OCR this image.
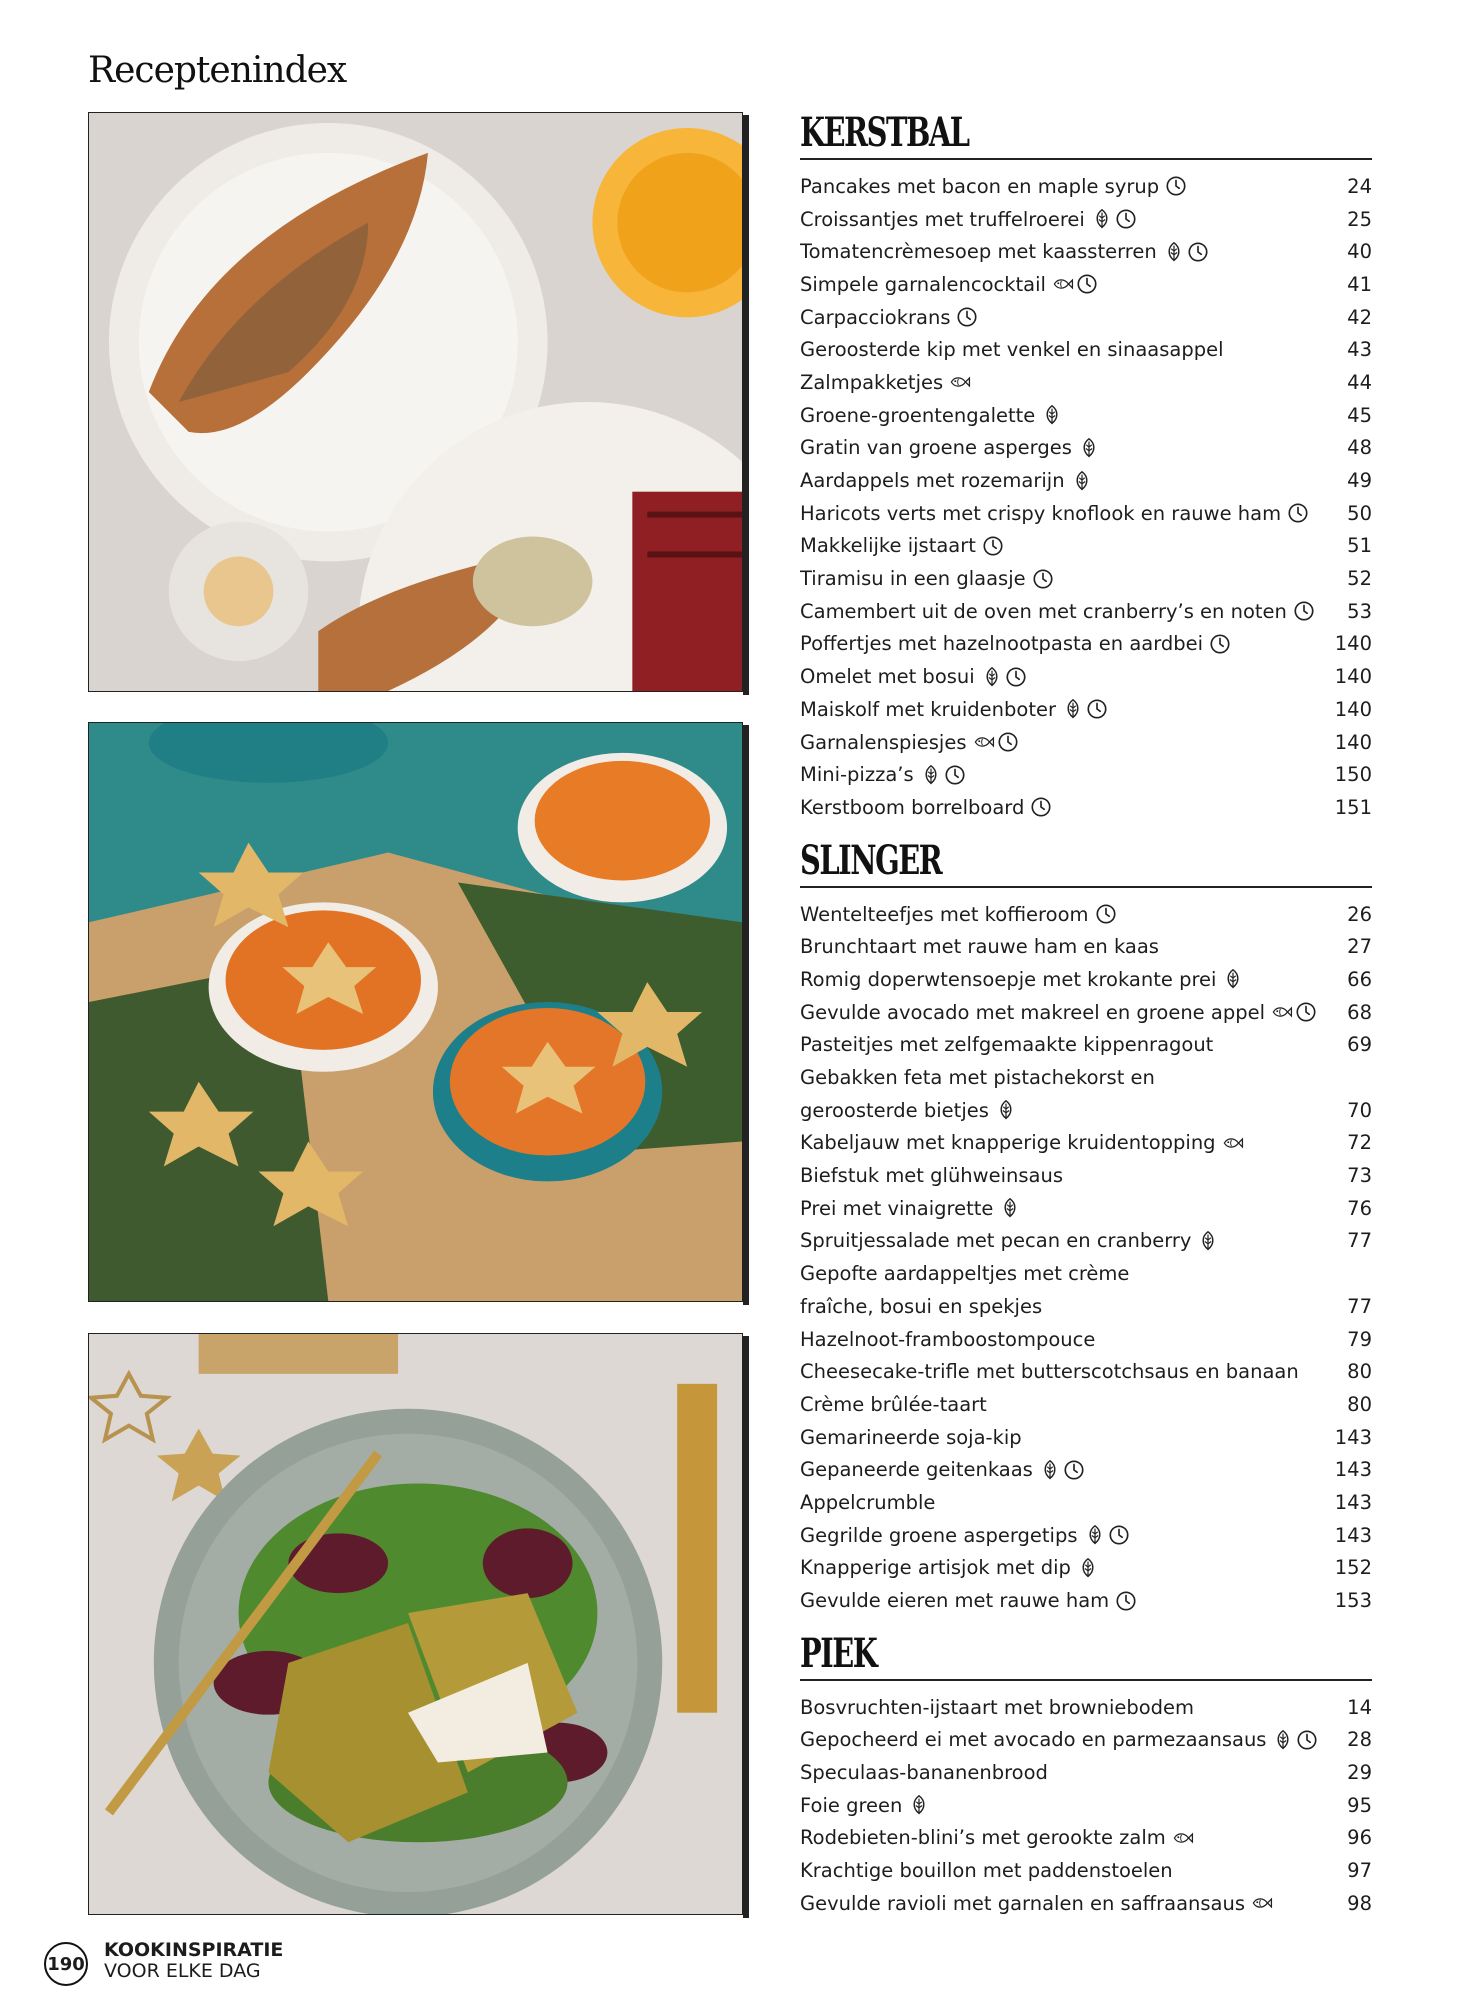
Receptenindex
KERSTBAL
Pancakes met bacon en maple syrup	24
Croissantjes met truffelroerei	25
Tomatencrèmesoep met kaassterren	40
Simpele garnalencocktail	41
Carpacciokrans	42
Geroosterde kip met venkel en sinaasappel	43
Zalmpakketjes	44
Groene-groentengalette	45
Gratin van groene asperges	48
Aardappels met rozemarijn	49
Haricots verts met crispy knoflook en rauwe ham	50
Makkelijke ijstaart	51
Tiramisu in een glaasje	52
Camembert uit de oven met cranberry’s en noten	53
Poffertjes met hazelnootpasta en aardbei	140
Omelet met bosui	140
Maiskolf met kruidenboter	140
Garnalenspiesjes	140
Mini-pizza’s	150
Kerstboom borrelboard	151
SLINGER
Wentelteefjes met koffieroom	26
Brunchtaart met rauwe ham en kaas	27
Romig doperwtensoepje met krokante prei	66
Gevulde avocado met makreel en groene appel	68
Pasteitjes met zelfgemaakte kippenragout	69
Gebakken feta met pistachekorst en
geroosterde bietjes	70
Kabeljauw met knapperige kruidentopping	72
Biefstuk met glühweinsaus	73
Prei met vinaigrette	76
Spruitjessalade met pecan en cranberry	77
Gepofte aardappeltjes met crème
fraîche, bosui en spekjes	77
Hazelnoot-framboostompouce	79
Cheesecake-trifle met butterscotchsaus en banaan	80
Crème brûlée-taart	80
Gemarineerde soja-kip	143
Gepaneerde geitenkaas	143
Appelcrumble	143
Gegrilde groene aspergetips	143
Knapperige artisjok met dip	152
Gevulde eieren met rauwe ham	153
PIEK
Bosvruchten-ijstaart met browniebodem	14
Gepocheerd ei met avocado en parmezaansaus	28
Speculaas-bananenbrood	29
Foie green	95
Rodebieten-blini’s met gerookte zalm	96
Krachtige bouillon met paddenstoelen	97
Gevulde ravioli met garnalen en saffraansaus	98
190
KOOKINSPIRATIE
VOOR ELKE DAG
